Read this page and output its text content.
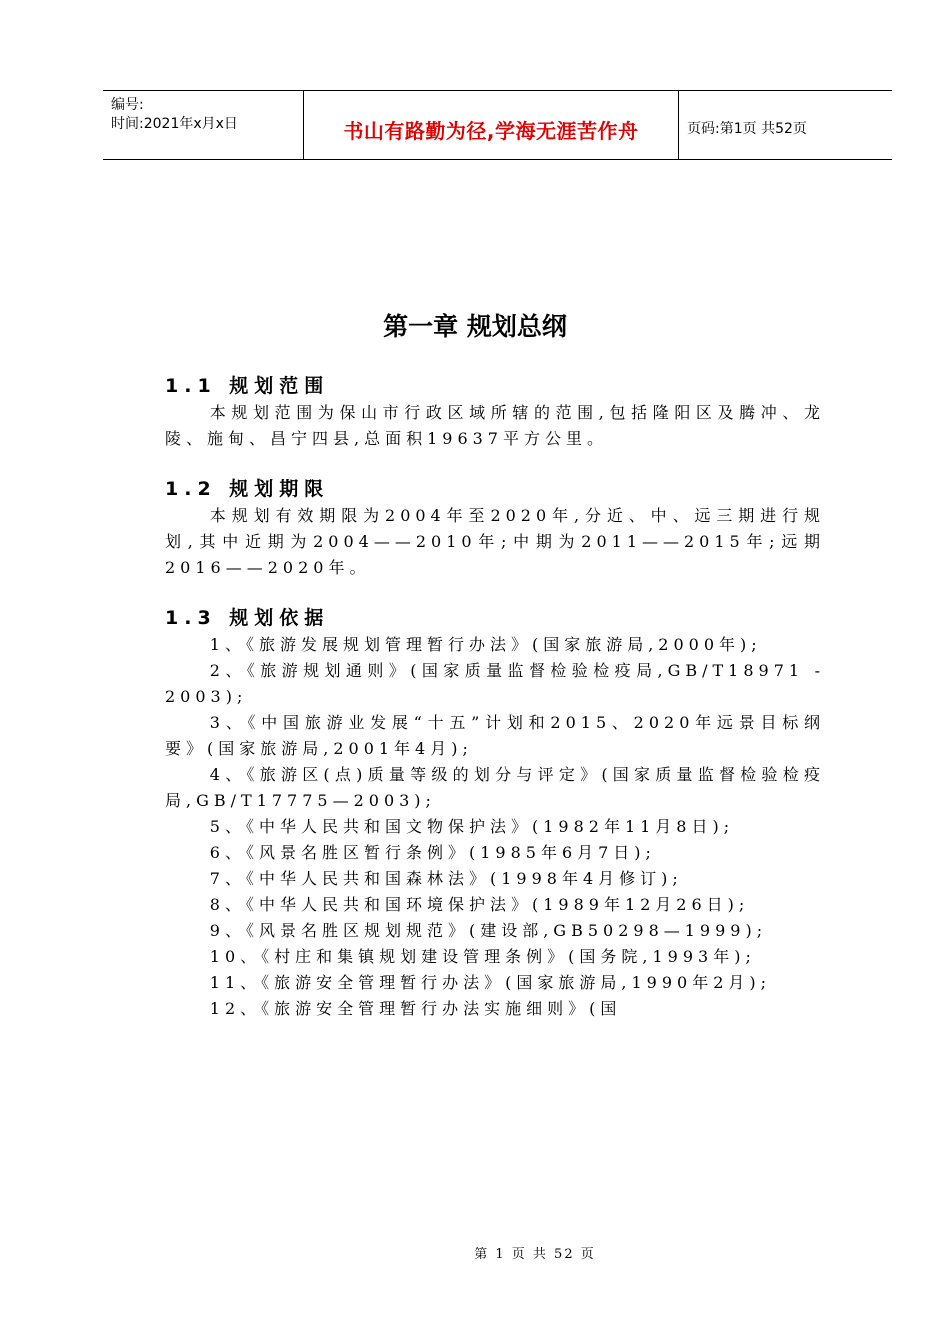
编号:
时间:2021年x月x日	书山有路勤为径,学海无涯苦作舟	页码:第1页 共52页
第一章 规划总纲
1.1 规划范围

本规划范围为保山市行政区域所辖的范围,包括隆阳区及腾冲、龙陵、施甸、昌宁四县,总面积19637平方公里。

1.2 规划期限

本规划有效期限为2004年至2020年,分近、中、远三期进行规划,其中近期为2004——2010年;中期为2011——2015年;远期2016——2020年。

1.3 规划依据

1、《旅游发展规划管理暂行办法》(国家旅游局,2000年);

2、《旅游规划通则》(国家质量监督检验检疫局,GB/T18971 - 2003);

3、《中国旅游业发展“十五”计划和2015、2020年远景目标纲要》(国家旅游局,2001年4月);

4、《旅游区(点)质量等级的划分与评定》(国家质量监督检验检疫局,GB/T17775—2003);

5、《中华人民共和国文物保护法》(1982年11月8日);

6、《风景名胜区暂行条例》(1985年6月7日);

7、《中华人民共和国森林法》(1998年4月修订);

8、《中华人民共和国环境保护法》(1989年12月26日);

9、《风景名胜区规划规范》(建设部,GB50298—1999);

10、《村庄和集镇规划建设管理条例》(国务院,1993年);

11、《旅游安全管理暂行办法》(国家旅游局,1990年2月);

12、《旅游安全管理暂行办法实施细则》(国

第 1 页 共 52 页
